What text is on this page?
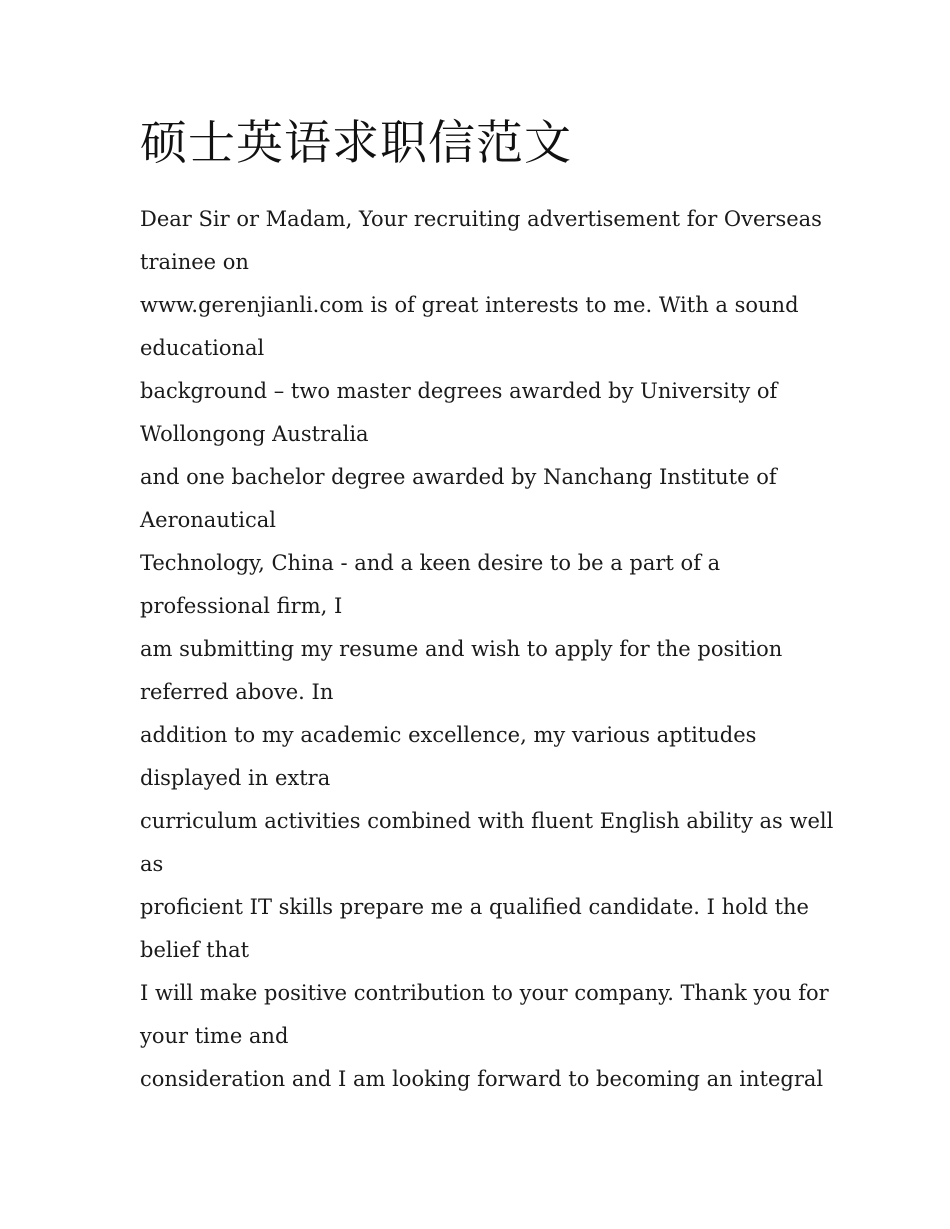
硕士英语求职信范文
Dear Sir or Madam, Your recruiting advertisement for Overseas
trainee on
www.gerenjianli.com is of great interests to me. With a sound
educational
background – two master degrees awarded by University of
Wollongong Australia
and one bachelor degree awarded by Nanchang Institute of
Aeronautical
Technology, China - and a keen desire to be a part of a
professional firm, I
am submitting my resume and wish to apply for the position
referred above. In
addition to my academic excellence, my various aptitudes
displayed in extra
curriculum activities combined with fluent English ability as well
as
proficient IT skills prepare me a qualified candidate. I hold the
belief that
I will make positive contribution to your company. Thank you for
your time and
consideration and I am looking forward to becoming an integral
